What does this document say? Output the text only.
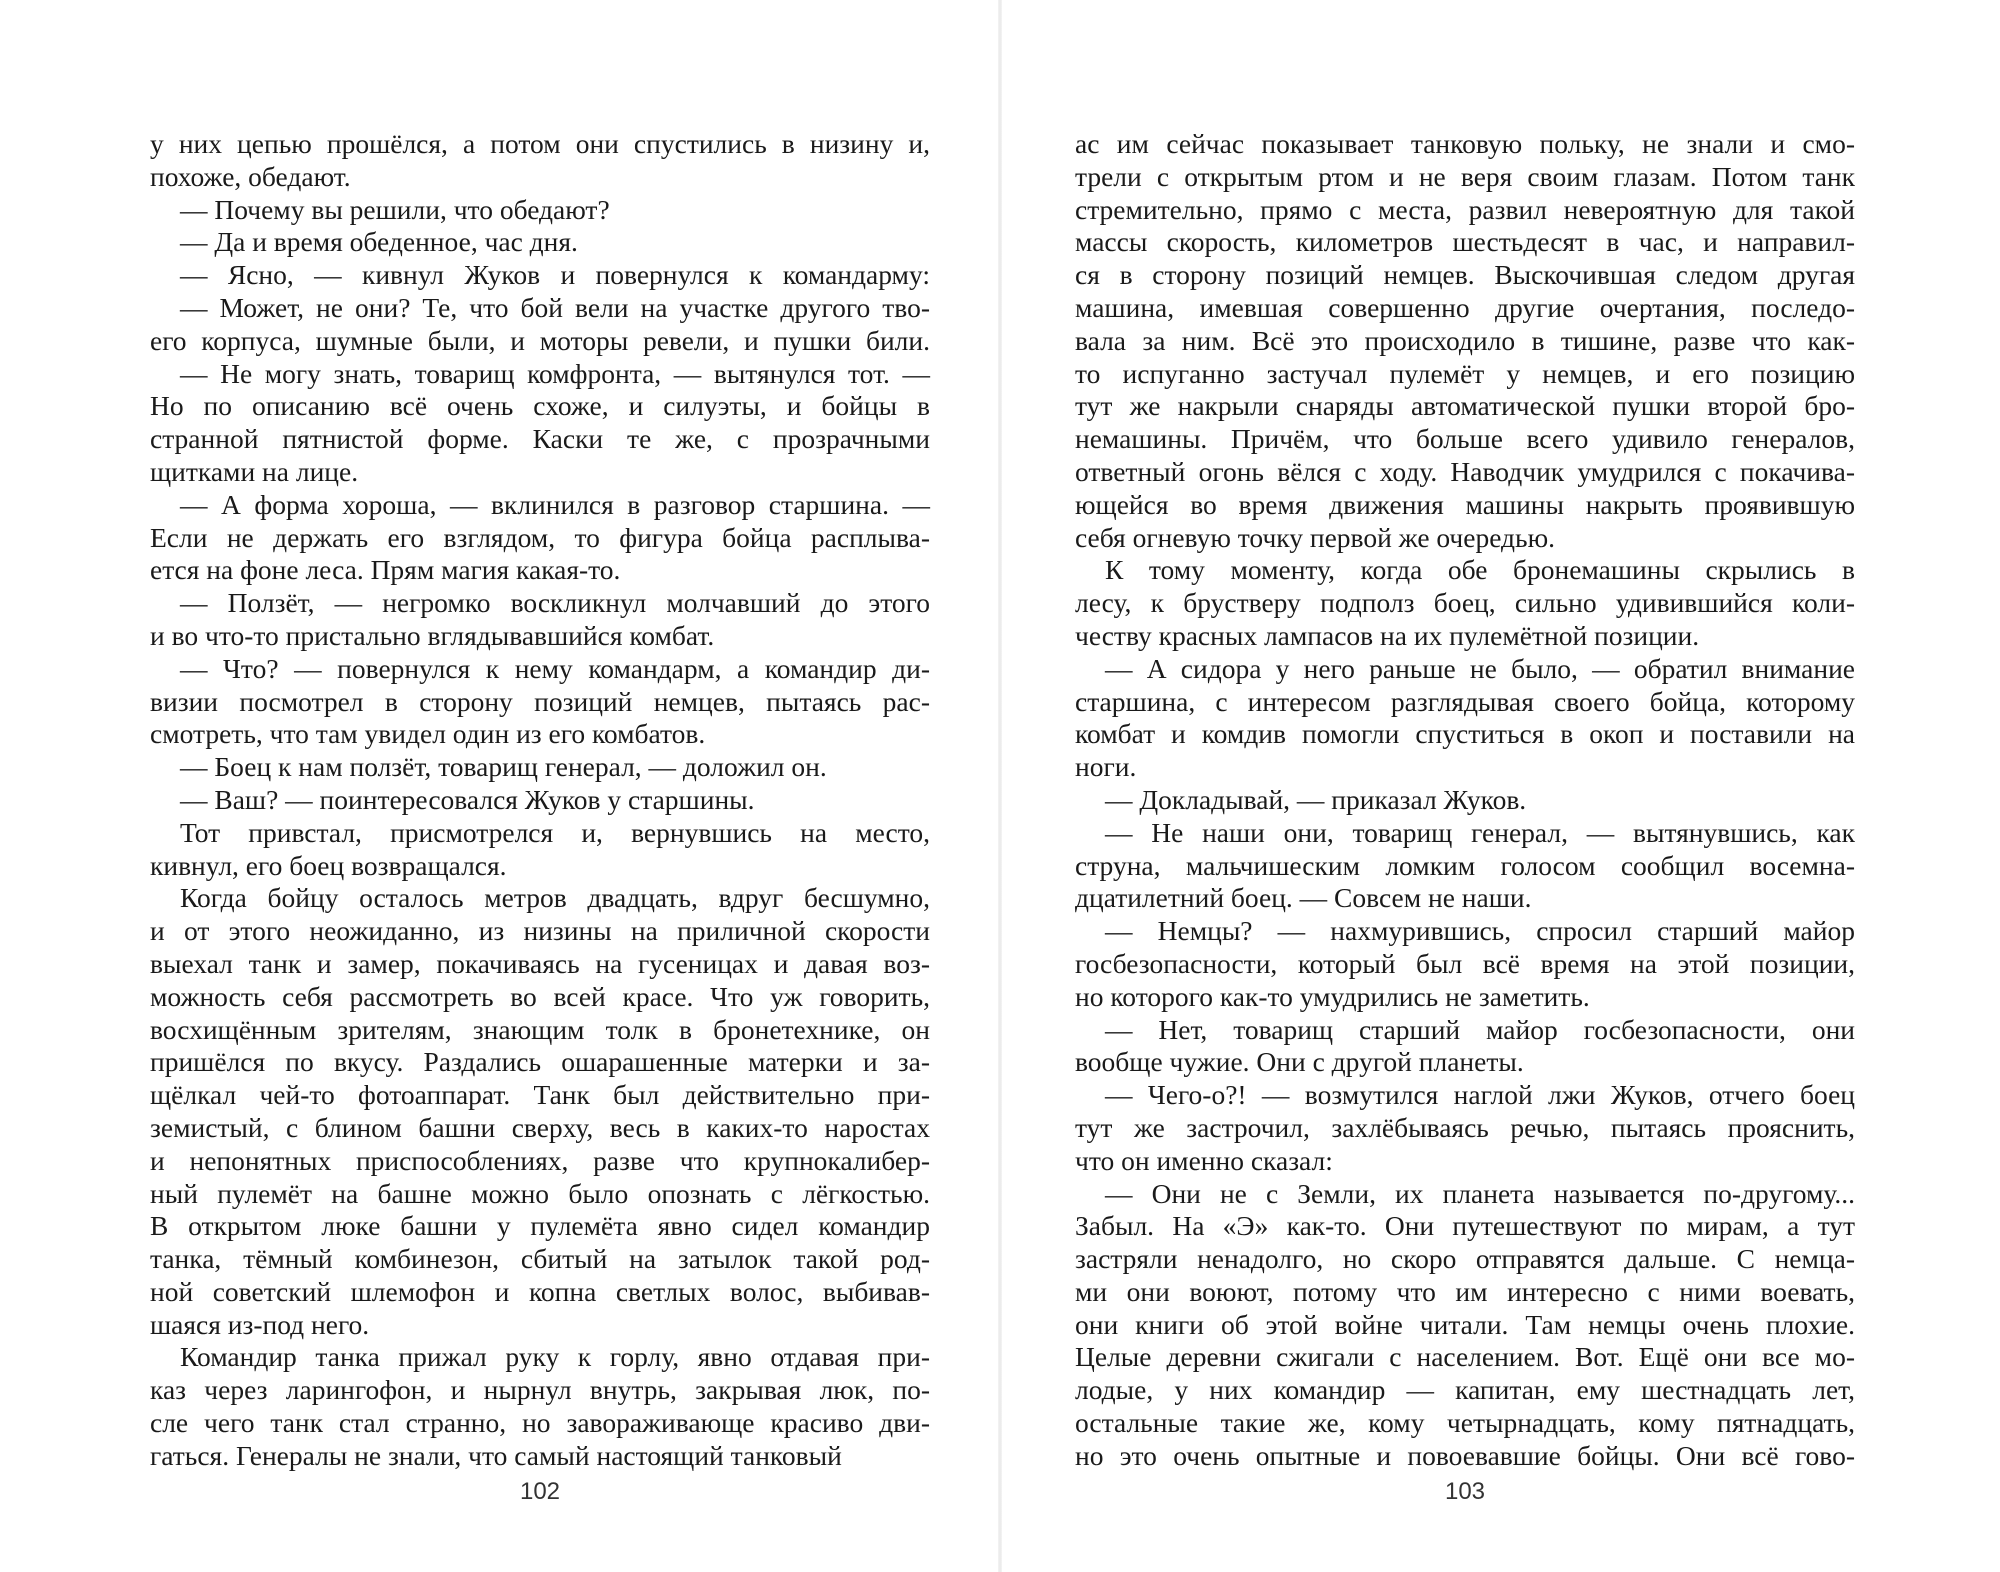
у них цепью прошёлся, а потом они спустились в низину и,
похоже, обедают.
— Почему вы решили, что обедают?
— Да и время обеденное, час дня.
— Ясно, — кивнул Жуков и повернулся к командарму:
— Может, не они? Те, что бой вели на участке другого тво-
его корпуса, шумные были, и моторы ревели, и пушки били.
— Не могу знать, товарищ комфронта, — вытянулся тот. —
Но по описанию всё очень схоже, и силуэты, и бойцы в
странной пятнистой форме. Каски те же, с прозрачными
щитками на лице.
— А форма хороша, — вклинился в разговор старшина. —
Если не держать его взглядом, то фигура бойца расплыва-
ется на фоне леса. Прям магия какая-то.
— Ползёт, — негромко воскликнул молчавший до этого
и во что-то пристально вглядывавшийся комбат.
— Что? — повернулся к нему командарм, а командир ди-
визии посмотрел в сторону позиций немцев, пытаясь рас-
смотреть, что там увидел один из его комбатов.
— Боец к нам ползёт, товарищ генерал, — доложил он.
— Ваш? — поинтересовался Жуков у старшины.
Тот привстал, присмотрелся и, вернувшись на место,
кивнул, его боец возвращался.
Когда бойцу осталось метров двадцать, вдруг бесшумно,
и от этого неожиданно, из низины на приличной скорости
выехал танк и замер, покачиваясь на гусеницах и давая воз-
можность себя рассмотреть во всей красе. Что уж говорить,
восхищённым зрителям, знающим толк в бронетехнике, он
пришёлся по вкусу. Раздались ошарашенные матерки и за-
щёлкал чей-то фотоаппарат. Танк был действительно при-
земистый, с блином башни сверху, весь в каких-то наростах
и непонятных приспособлениях, разве что крупнокалибер-
ный пулемёт на башне можно было опознать с лёгкостью.
В открытом люке башни у пулемёта явно сидел командир
танка, тёмный комбинезон, сбитый на затылок такой род-
ной советский шлемофон и копна светлых волос, выбивав-
шаяся из-под него.
Командир танка прижал руку к горлу, явно отдавая при-
каз через ларингофон, и нырнул внутрь, закрывая люк, по-
сле чего танк стал странно, но завораживающе красиво дви-
гаться. Генералы не знали, что самый настоящий танковый
102
ас им сейчас показывает танковую польку, не знали и смо-
трели с открытым ртом и не веря своим глазам. Потом танк
стремительно, прямо с места, развил невероятную для такой
массы скорость, километров шестьдесят в час, и направил-
ся в сторону позиций немцев. Выскочившая следом другая
машина, имевшая совершенно другие очертания, последо-
вала за ним. Всё это происходило в тишине, разве что как-
то испуганно застучал пулемёт у немцев, и его позицию
тут же накрыли снаряды автоматической пушки второй бро-
немашины. Причём, что больше всего удивило генералов,
ответный огонь вёлся с ходу. Наводчик умудрился с покачива-
ющейся во время движения машины накрыть проявившую
себя огневую точку первой же очередью.
К тому моменту, когда обе бронемашины скрылись в
лесу, к брустверу подполз боец, сильно удивившийся коли-
честву красных лампасов на их пулемётной позиции.
— А сидора у него раньше не было, — обратил внимание
старшина, с интересом разглядывая своего бойца, которому
комбат и комдив помогли спуститься в окоп и поставили на
ноги.
— Докладывай, — приказал Жуков.
— Не наши они, товарищ генерал, — вытянувшись, как
струна, мальчишеским ломким голосом сообщил восемна-
дцатилетний боец. — Совсем не наши.
— Немцы? — нахмурившись, спросил старший майор
госбезопасности, который был всё время на этой позиции,
но которого как-то умудрились не заметить.
— Нет, товарищ старший майор госбезопасности, они
вообще чужие. Они с другой планеты.
— Чего-о?! — возмутился наглой лжи Жуков, отчего боец
тут же застрочил, захлёбываясь речью, пытаясь прояснить,
что он именно сказал:
— Они не с Земли, их планета называется по-другому...
Забыл. На «Э» как-то. Они путешествуют по мирам, а тут
застряли ненадолго, но скоро отправятся дальше. С немца-
ми они воюют, потому что им интересно с ними воевать,
они книги об этой войне читали. Там немцы очень плохие.
Целые деревни сжигали с населением. Вот. Ещё они все мо-
лодые, у них командир — капитан, ему шестнадцать лет,
остальные такие же, кому четырнадцать, кому пятнадцать,
но это очень опытные и повоевавшие бойцы. Они всё гово-
103
